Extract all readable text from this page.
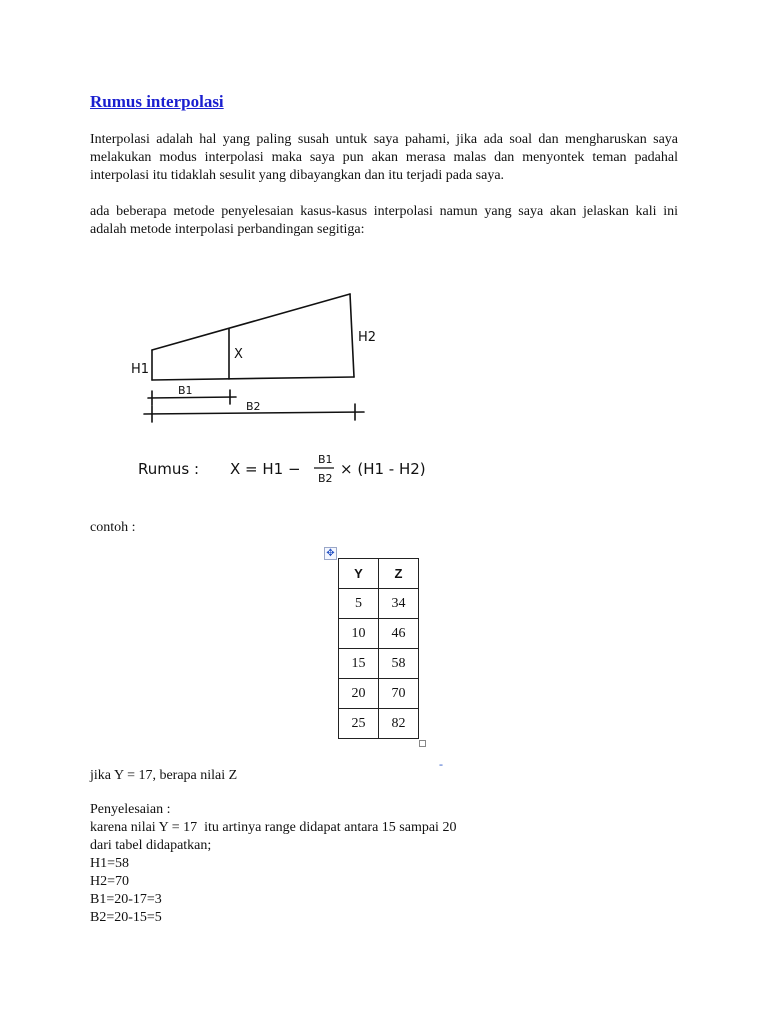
Rumus interpolasi

Interpolasi adalah hal yang paling susah untuk saya pahami, jika ada soal dan mengharuskan saya melakukan modus interpolasi maka saya pun akan merasa malas dan menyontek teman padahal interpolasi itu tidaklah sesulit yang dibayangkan dan itu terjadi pada saya.

ada beberapa metode penyelesaian kasus-kasus interpolasi namun yang saya akan jelaskan kali ini adalah metode interpolasi perbandingan segitiga:

H1
H2
X
B1
B2
Rumus : X = H1 −
B1
B2
× (H1 - H2)

contoh :

✥
Y	Z
5	34
10	46
15	58
20	70
25	82
-

jika Y = 17, berapa nilai Z

Penyelesaian :
karena nilai Y = 17  itu artinya range didapat antara 15 sampai 20
dari tabel didapatkan;
H1=58
H2=70
B1=20-17=3
B2=20-15=5
